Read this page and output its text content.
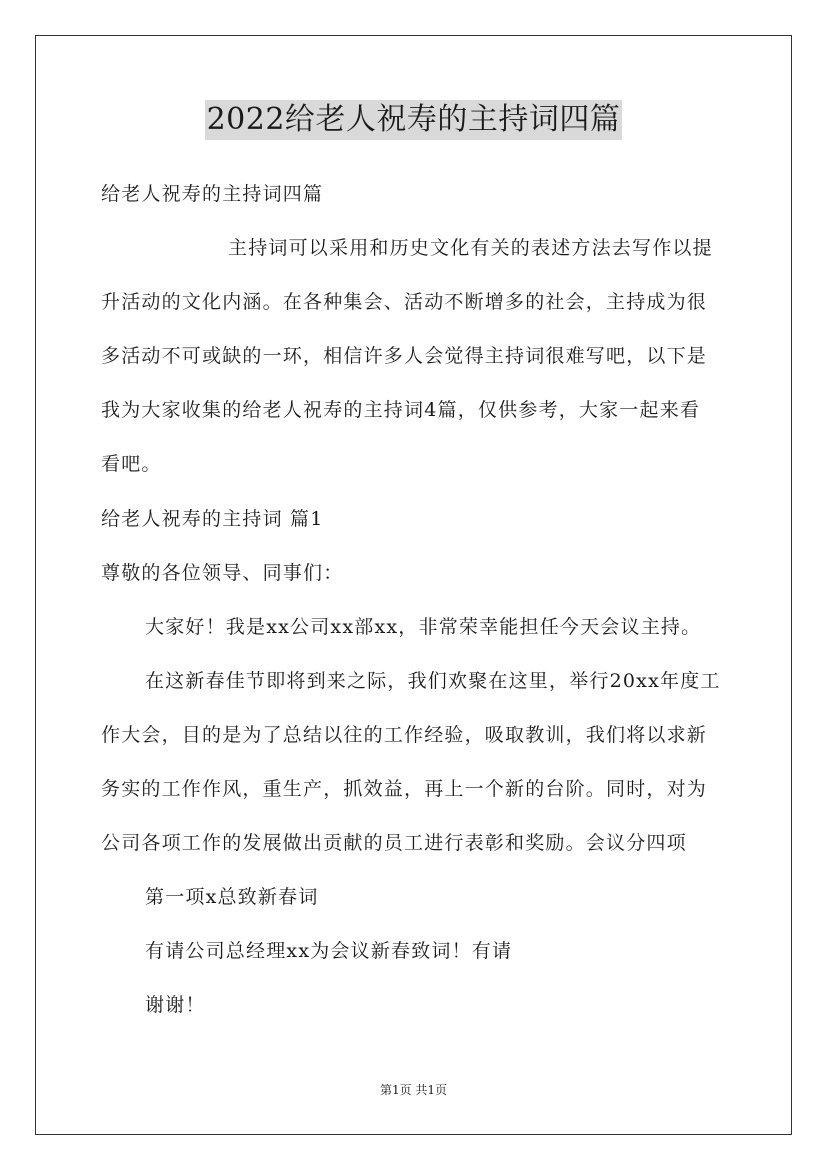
2022给老人祝寿的主持词四篇
给老人祝寿的主持词四篇
主持词可以采用和历史文化有关的表述方法去写作以提
升活动的文化内涵。在各种集会、活动不断增多的社会，主持成为很
多活动不可或缺的一环，相信许多人会觉得主持词很难写吧，以下是
我为大家收集的给老人祝寿的主持词4篇，仅供参考，大家一起来看
看吧。
给老人祝寿的主持词 篇1
尊敬的各位领导、同事们：
大家好！我是xx公司xx部xx，非常荣幸能担任今天会议主持。
在这新春佳节即将到来之际，我们欢聚在这里，举行20xx年度工
作大会，目的是为了总结以往的工作经验，吸取教训，我们将以求新
务实的工作作风，重生产，抓效益，再上一个新的台阶。同时，对为
公司各项工作的发展做出贡献的员工进行表彰和奖励。会议分四项
第一项x总致新春词
有请公司总经理xx为会议新春致词！有请
谢谢！
第1页 共1页
